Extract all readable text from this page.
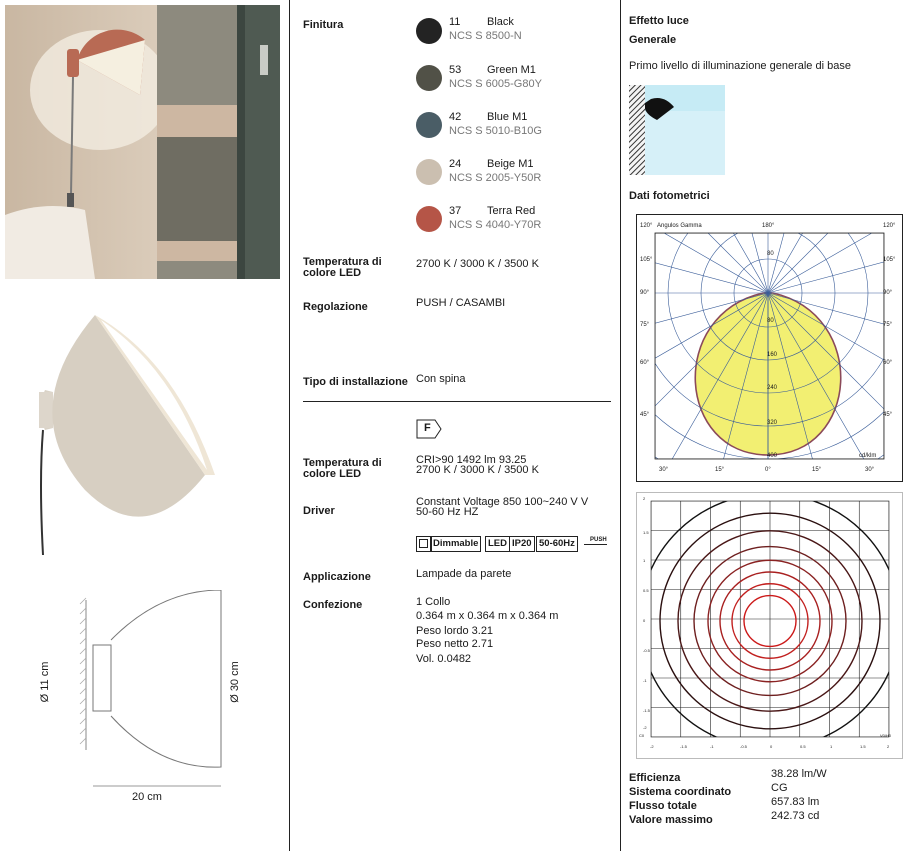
Ø 11 cm	Ø 30 cm
20 cm
Finitura	11 Black
NCS S 8500-N
53 Green M1
NCS S 6005-G80Y
42 Blue M1
NCS S 5010-B10G
24 Beige M1
NCS S 2005-Y50R
37 Terra Red
NCS S 4040-Y70R
Temperatura di colore LED
2700 K / 3000 K / 3500 K
Regolazione	PUSH / CASAMBI
Tipo di installazione Con spina
F
Temperatura di colore LED
CRI>90 1492 lm 93.25
2700 K / 3000 K / 3500 K
Driver
Constant Voltage 850 100~240 V V
50-60 Hz HZ
Dimmable	LED IP20 50-60Hz	PUSH
Applicazione	Lampade da parete
Confezione	1 Collo
0.364 m x 0.364 m x 0.364 m
Peso lordo 3.21
Peso netto 2.71
Vol. 0.0482
Effetto luce
Generale
Primo livello di illuminazione generale di base
Dati fotometrici
120° Angulos Gamma	180°	120°
105°
90°
75°
60°
45°
105°
90°
75°
60°
45°
30°	15°	0°	15°	30°
80
80
160
240
320
400	cd/klm
2
1.5
1
0.5
0
-0.5
-1
-1.5
-2
-2	-1.5	-1	-0.5	0	0.5	1	1.5	2
C0	V0/H0
Efficienza	38.28 lm/W
Sistema coordinato	CG
Flusso totale	657.83 lm
Valore massimo	242.73 cd
